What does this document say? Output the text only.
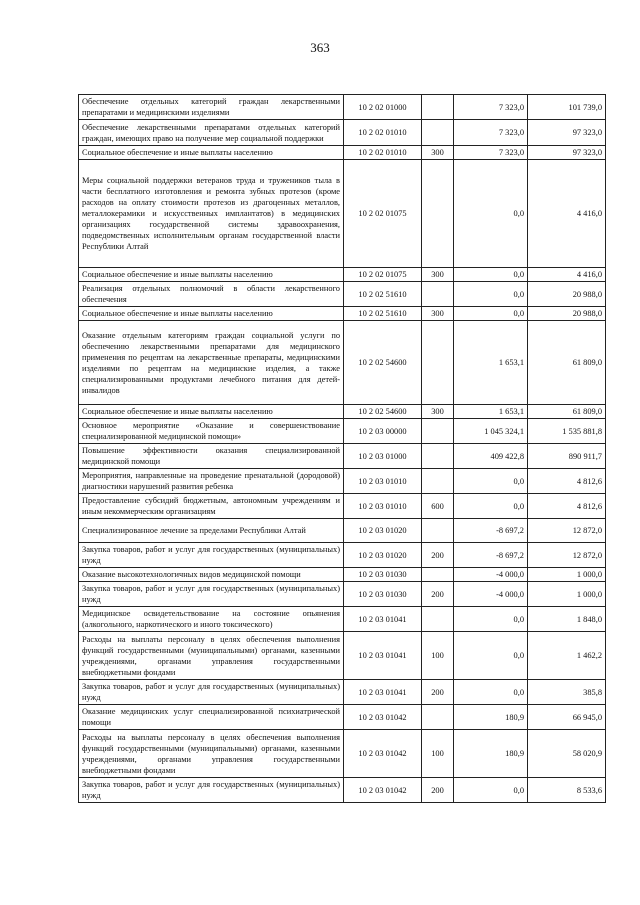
363
Обеспечение отдельных категорий граждан лекарственными препаратами и медицинскими изделиями	10 2 02 01000		7 323,0	101 739,0
Обеспечение лекарственными препаратами отдельных категорий граждан, имеющих право на получение мер социальной поддержки	10 2 02 01010		7 323,0	97 323,0
Социальное обеспечение и иные выплаты населению	10 2 02 01010	300	7 323,0	97 323,0
Меры социальной поддержки ветеранов труда и тружеников тыла в части бесплатного изготовления и ремонта зубных протезов (кроме расходов на оплату стоимости протезов из драгоценных металлов, металлокерамики и искусственных имплантатов) в медицинских организациях государственной системы здравоохранения, подведомственных исполнительным органам государственной власти Республики Алтай	10 2 02 01075		0,0	4 416,0
Социальное обеспечение и иные выплаты населению	10 2 02 01075	300	0,0	4 416,0
Реализация отдельных полномочий в области лекарственного обеспечения	10 2 02 51610		0,0	20 988,0
Социальное обеспечение и иные выплаты населению	10 2 02 51610	300	0,0	20 988,0
Оказание отдельным категориям граждан социальной услуги по обеспечению лекарственными препаратами для медицинского применения по рецептам на лекарственные препараты, медицинскими изделиями по рецептам на медицинские изделия, а также специализированными продуктами лечебного питания для детей-инвалидов	10 2 02 54600		1 653,1	61 809,0
Социальное обеспечение и иные выплаты населению	10 2 02 54600	300	1 653,1	61 809,0
Основное мероприятие «Оказание и совершенствование специализированной медицинской помощи»	10 2 03 00000		1 045 324,1	1 535 881,8
Повышение эффективности оказания специализированной медицинской помощи	10 2 03 01000		409 422,8	890 911,7
Мероприятия, направленные на проведение пренатальной (дородовой) диагностики нарушений развития ребенка	10 2 03 01010		0,0	4 812,6
Предоставление субсидий бюджетным, автономным учреждениям и иным некоммерческим организациям	10 2 03 01010	600	0,0	4 812,6
Специализированное лечение за пределами Республики Алтай	10 2 03 01020		-8 697,2	12 872,0
Закупка товаров, работ и услуг для государственных (муниципальных) нужд	10 2 03 01020	200	-8 697,2	12 872,0
Оказание высокотехнологичных видов медицинской помощи	10 2 03 01030		-4 000,0	1 000,0
Закупка товаров, работ и услуг для государственных (муниципальных) нужд	10 2 03 01030	200	-4 000,0	1 000,0
Медицинское освидетельствование на состояние опьянения (алкогольного, наркотического и иного токсического)	10 2 03 01041		0,0	1 848,0
Расходы на выплаты персоналу в целях обеспечения выполнения функций государственными (муниципальными) органами, казенными учреждениями, органами управления государственными внебюджетными фондами	10 2 03 01041	100	0,0	1 462,2
Закупка товаров, работ и услуг для государственных (муниципальных) нужд	10 2 03 01041	200	0,0	385,8
Оказание медицинских услуг специализированной психиатрической помощи	10 2 03 01042		180,9	66 945,0
Расходы на выплаты персоналу в целях обеспечения выполнения функций государственными (муниципальными) органами, казенными учреждениями, органами управления государственными внебюджетными фондами	10 2 03 01042	100	180,9	58 020,9
Закупка товаров, работ и услуг для государственных (муниципальных) нужд	10 2 03 01042	200	0,0	8 533,6
